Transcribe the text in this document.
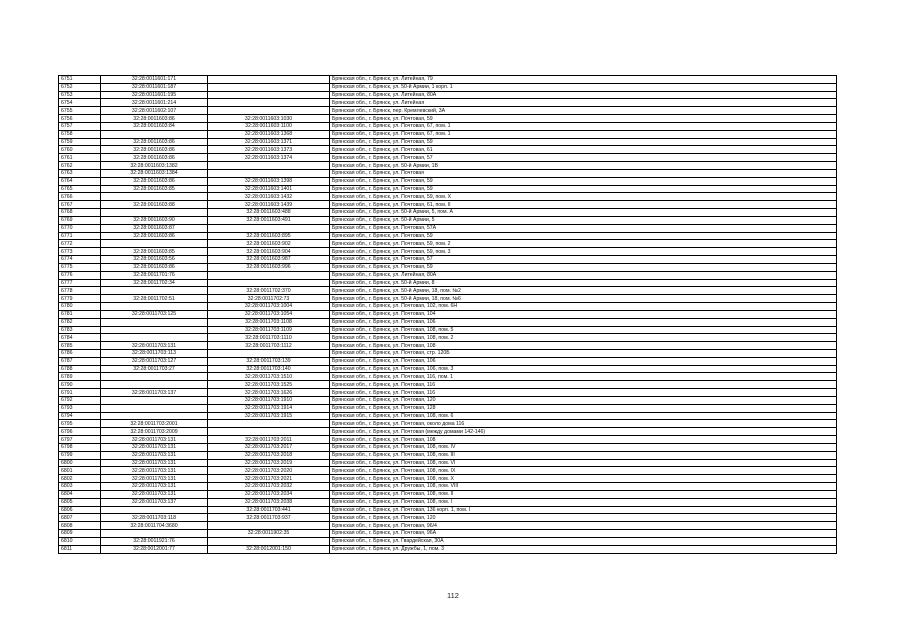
6751	32:28:0011601:171		Брянская обл., г. Брянск, ул. Литейная, 79
6752	32:28:0011601:187		Брянская обл., г. Брянск, ул. 50-й Армии, 1 корп. 1
6753	32:28:0011601:195		Брянская обл., г. Брянск, ул. Литейная, 80А
6754	32:28:0011601:214		Брянская обл., г. Брянск, ул. Литейная
6755	32:28:0011602:107		Брянская обл., г. Брянск, пер. Кремлевский, 3А
6756	32:28:0011603:86	32:28:0011603:1030	Брянская обл., г. Брянск, ул. Почтовая, 59
6757	32:28:0011603:84	32:28:0011603:1100	Брянская обл., г. Брянск, ул. Почтовая, 67, пом. 1
6758		32:28:0011603:1368	Брянская обл., г. Брянск, ул. Почтовая, 67, пом. 1
6759	32:28:0011603:86	32:28:0011603:1371	Брянская обл., г. Брянск, ул. Почтовая, 59
6760	32:28:0011603:86	32:28:0011603:1373	Брянская обл., г. Брянск, ул. Почтовая, 61
6761	32:28:0011603:86	32:28:0011603:1374	Брянская обл., г. Брянск, ул. Почтовая, 57
6762	32:28:0011603:1382		Брянская обл., г. Брянск, ул. 50-й Армии, 1В
6763	32:28:0011603:1384		Брянская обл., г. Брянск, ул. Почтовая
6764	32:28:0011603:86	32:28:0011603:1398	Брянская обл., г. Брянск, ул. Почтовая, 59
6765	32:28:0011603:85	32:28:0011603:1401	Брянская обл., г. Брянск, ул. Почтовая, 59
6766		32:28:0011603:1432	Брянская обл., г. Брянск, ул. Почтовая, 59, пом. X
6767	32:28:0011603:88	32:28:0011603:1439	Брянская обл., г. Брянск, ул. Почтовая, 61, пом. II
6768		32:28:0011603:488	Брянская обл., г. Брянск, ул. 50-й Армии, 5, пом. А
6769	32:28:0011603:90	32:28:0011603:491	Брянская обл., г. Брянск, ул. 50-й Армии, 5
6770	32:28:0011603:87		Брянская обл., г. Брянск, ул. Почтовая, 57А
6771	32:28:0011603:86	32:28:0011603:895	Брянская обл., г. Брянск, ул. Почтовая, 59
6772		32:28:0011603:902	Брянская обл., г. Брянск, ул. Почтовая, 59, пом. 2
6773	32:28:0011603:85	32:28:0011603:904	Брянская обл., г. Брянск, ул. Почтовая, 59, пом. 3
6774	32:28:0011603:56	32:28:0011603:987	Брянская обл., г. Брянск, ул. Почтовая, 57
6775	32:28:0011603:86	32:28:0011603:996	Брянская обл., г. Брянск, ул. Почтовая, 59
6776	32:28:0011701:76		Брянская обл., г. Брянск, ул. Литейная, 80А
6777	32:28:0011702:34		Брянская обл., г. Брянск, ул. 50-й Армии, 8
6778		32:28:0011702:370	Брянская обл., г. Брянск, ул. 50-й Армии, 18, пом. №2
6779	32:28:0011702:51	32:28:0011702:73	Брянская обл., г. Брянск, ул. 50-й Армии, 18, пом. №6
6780		32:28:0011703:1004	Брянская обл., г. Брянск, ул. Почтовая, 102, пом. 6Н
6781	32:28:0011703:125	32:28:0011703:1054	Брянская обл., г. Брянск, ул. Почтовая, 104
6782		32:28:0011703:1108	Брянская обл., г. Брянск, ул. Почтовая, 106
6783		32:28:0011703:1109	Брянская обл., г. Брянск, ул. Почтовая, 108, пом. 5
6784		32:28:0011703:1110	Брянская обл., г. Брянск, ул. Почтовая, 108, пом. 2
6785	32:28:0011703:131	32:28:0011703:1112	Брянская обл., г. Брянск, ул. Почтовая, 108
6786	32:28:0011703:113		Брянская обл., г. Брянск, ул. Почтовая, стр. 120Б
6787	32:28:0011703:127	32:28:0011703:139	Брянская обл., г. Брянск, ул. Почтовая, 106
6788	32:28:0011703:27	32:28:0011703:140	Брянская обл., г. Брянск, ул. Почтовая, 106, пом. 3
6789		32:28:0011703:1510	Брянская обл., г. Брянск, ул. Почтовая, 116, пом. 1
6790		32:28:0011703:1525	Брянская обл., г. Брянск, ул. Почтовая, 116
6791	32:28:0011703:137	32:28:0011703:1626	Брянская обл., г. Брянск, ул. Почтовая, 116
6792		32:28:0011703:1910	Брянская обл., г. Брянск, ул. Почтовая, 120
6793		32:28:0011703:1914	Брянская обл., г. Брянск, ул. Почтовая, 128
6794		32:28:0011703:1915	Брянская обл., г. Брянск, ул. Почтовая, 108, пом. 6
6795	32:28:0011703:2001		Брянская обл., г. Брянск, ул. Почтовая, около дома 116
6796	32:28:0011703:2009		Брянская обл., г. Брянск, ул. Почтовая (между домами 142-146)
6797	32:28:0011703:131	32:28:0011703:2011	Брянская обл., г. Брянск, ул. Почтовая, 108
6798	32:28:0011703:131	32:28:0011703:2017	Брянская обл., г. Брянск, ул. Почтовая, 108, пом. IV
6799	32:28:0011703:131	32:28:0011703:2018	Брянская обл., г. Брянск, ул. Почтовая, 108, пом. III
6800	32:28:0011703:131	32:28:0011703:2019	Брянская обл., г. Брянск, ул. Почтовая, 108, пом. VI
6801	32:28:0011703:131	32:28:0011703:2020	Брянская обл., г. Брянск, ул. Почтовая, 108, пом. IX
6802	32:28:0011703:131	32:28:0011703:2021	Брянская обл., г. Брянск, ул. Почтовая, 108, пом. X
6803	32:28:0011703:131	32:28:0011703:2032	Брянская обл., г. Брянск, ул. Почтовая, 108, пом. VIII
6804	32:28:0011703:131	32:28:0011703:2034	Брянская обл., г. Брянск, ул. Почтовая, 108, пом. II
6805	32:28:0011703:137	32:28:0011703:2038	Брянская обл., г. Брянск, ул. Почтовая, 108, пом. I
6806		32:28:0011703:441	Брянская обл., г. Брянск, ул. Почтовая, 136 корп. 1, пом. I
6807	32:28:0011703:118	32:28:0011703:937	Брянская обл., г. Брянск, ул. Почтовая, 120
6808	32:28:0011704:3680		Брянская обл., г. Брянск, ул. Почтовая, 96/4
6809		32:28:0011902:35	Брянская обл., г. Брянск, ул. Почтовая, 96А
6810	32:28:0011921:76		Брянская обл., г. Брянск, ул. Гвардейская, 30А
6811	32:28:0012001:77	32:28:0012001:150	Брянская обл., г. Брянск, ул. Дружбы, 1, пом. 3
112
